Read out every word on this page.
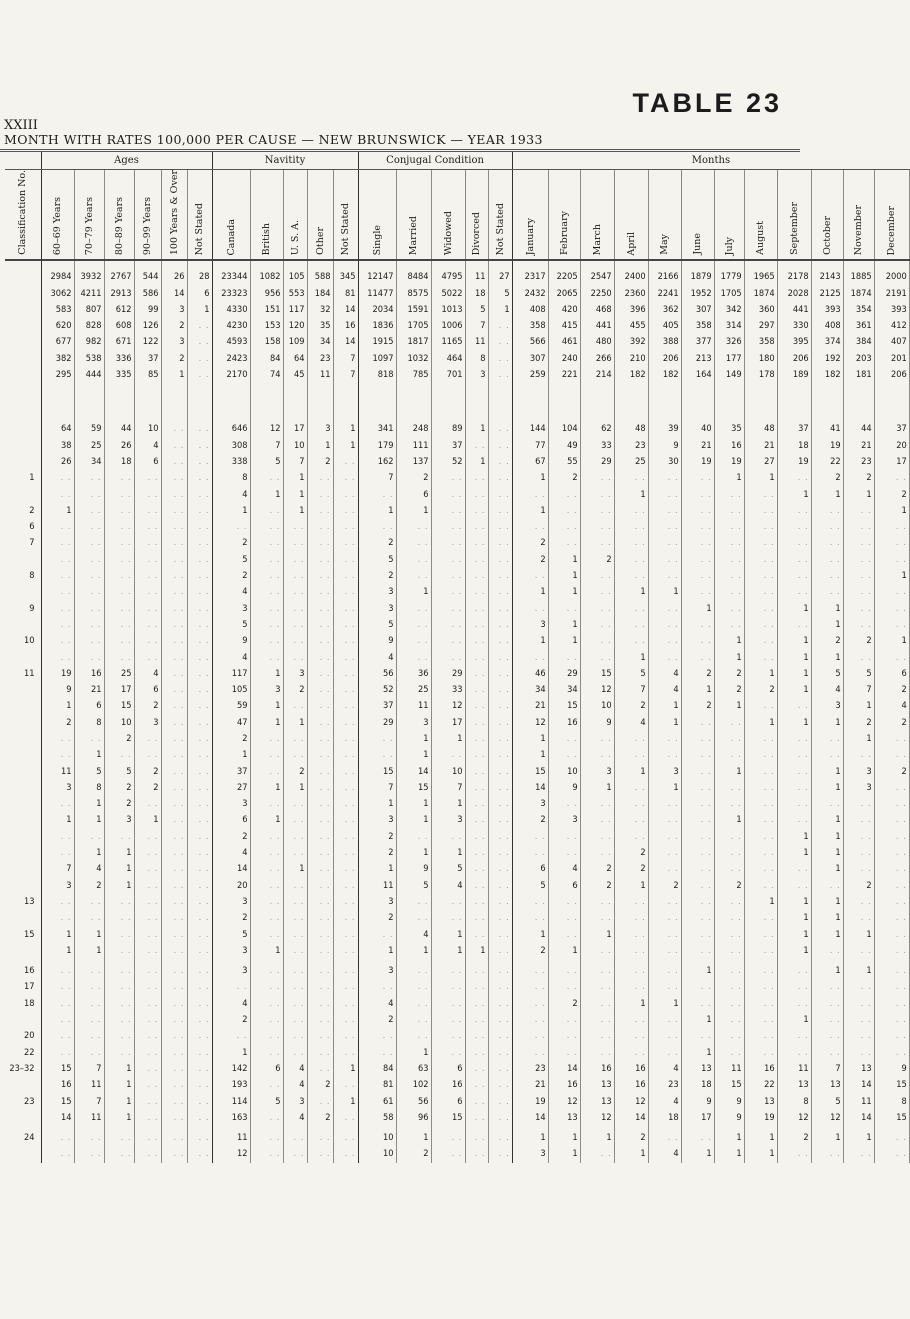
TABLE 23
XXIII
MONTH WITH RATES 100,000 PER CAUSE — NEW BRUNSWICK — YEAR 1933
	Ages						Navitity					Conjugal Condition					Months											
Classification No.	60–69 Years	70–79 Years	80–89 Years	90–99 Years	100 Years & Over	Not Stated	Canada	British	U. S. A.	Other	Not Stated	Single	Married	Widowed	Divorced	Not Stated	January	February	March	April	May	June	July	August	September	October	November	December

	2984	3932	2767	544	26	28	23344	1082	105	588	345	12147	8484	4795	11	27	2317	2205	2547	2400	2166	1879	1779	1965	2178	2143	1885	2000
	3062	4211	2913	586	14	6	23323	956	553	184	81	11477	8575	5022	18	5	2432	2065	2250	2360	2241	1952	1705	1874	2028	2125	1874	2191
	583	807	612	99	3	1	4330	151	117	32	14	2034	1591	1013	5	1	408	420	468	396	362	307	342	360	441	393	354	393
	620	828	608	126	2	. .	4230	153	120	35	16	1836	1705	1006	7	. .	358	415	441	455	405	358	314	297	330	408	361	412
	677	982	671	122	3	. .	4593	158	109	34	14	1915	1817	1165	11	. .	566	461	480	392	388	377	326	358	395	374	384	407
	382	538	336	37	2	. .	2423	84	64	23	7	1097	1032	464	8	. .	307	240	266	210	206	213	177	180	206	192	203	201
	295	444	335	85	1	. .	2170	74	45	11	7	818	785	701	3	. .	259	221	214	182	182	164	149	178	189	182	181	206

	64	59	44	10	. .	. .	646	12	17	3	1	341	248	89	1	. .	144	104	62	48	39	40	35	48	37	41	44	37
	38	25	26	4	. .	. .	308	7	10	1	1	179	111	37	. .	. .	77	49	33	23	9	21	16	21	18	19	21	20
	26	34	18	6	. .	. .	338	5	7	2	. .	162	137	52	1	. .	67	55	29	25	30	19	19	27	19	22	23	17
1	. .	. .	. .	. .	. .	. .	8	. .	1	. .	. .	7	2	. .	. .	. .	1	2	. .	. .	. .	. .	1	1	. .	2	2	. .
	. .	. .	. .	. .	. .	. .	4	1	1	. .	. .	. .	6	. .	. .	. .	. .	. .	. .	1	. .	. .	. .	. .	1	1	1	2
2	1	. .	. .	. .	. .	. .	1	. .	1	. .	. .	1	1	. .	. .	. .	1	. .	. .	. .	. .	. .	. .	. .	. .	. .	. .	1
6	. .	. .	. .	. .	. .	. .	. .	. .	. .	. .	. .	. .	. .	. .	. .	. .	. .	. .	. .	. .	. .	. .	. .	. .	. .	. .	. .	. .
7	. .	. .	. .	. .	. .	. .	2	. .	. .	. .	. .	2	. .	. .	. .	. .	2	. .	. .	. .	. .	. .	. .	. .	. .	. .	. .	. .
	. .	. .	. .	. .	. .	. .	5	. .	. .	. .	. .	5	. .	. .	. .	. .	2	1	2	. .	. .	. .	. .	. .	. .	. .	. .	. .
8	. .	. .	. .	. .	. .	. .	2	. .	. .	. .	. .	2	. .	. .	. .	. .	. .	1	. .	. .	. .	. .	. .	. .	. .	. .	. .	1
	. .	. .	. .	. .	. .	. .	4	. .	. .	. .	. .	3	1	. .	. .	. .	1	1	. .	1	1	. .	. .	. .	. .	. .	. .	. .
9	. .	. .	. .	. .	. .	. .	3	. .	. .	. .	. .	3	. .	. .	. .	. .	. .	. .	. .	. .	. .	1	. .	. .	1	1	. .	. .
	. .	. .	. .	. .	. .	. .	5	. .	. .	. .	. .	5	. .	. .	. .	. .	3	1	. .	. .	. .	. .	. .	. .	. .	1	. .	. .
10	. .	. .	. .	. .	. .	. .	9	. .	. .	. .	. .	9	. .	. .	. .	. .	1	1	. .	. .	. .	. .	1	. .	1	2	2	1
	. .	. .	. .	. .	. .	. .	4	. .	. .	. .	. .	4	. .	. .	. .	. .	. .	. .	. .	1	. .	. .	1	. .	1	1	. .	. .
11	19	16	25	4	. .	. .	117	1	3	. .	. .	56	36	29	. .	. .	46	29	15	5	4	2	2	1	1	5	5	6
	9	21	17	6	. .	. .	105	3	2	. .	. .	52	25	33	. .	. .	34	34	12	7	4	1	2	2	1	4	7	2
	1	6	15	2	. .	. .	59	1	. .	. .	. .	37	11	12	. .	. .	21	15	10	2	1	2	1	. .	. .	3	1	4
	2	8	10	3	. .	. .	47	1	1	. .	. .	29	3	17	. .	. .	12	16	9	4	1	. .	. .	1	1	1	2	2
	. .	. .	2	. .	. .	. .	2	. .	. .	. .	. .	. .	1	1	. .	. .	1	. .	. .	. .	. .	. .	. .	. .	. .	. .	1	. .
	. .	1	. .	. .	. .	. .	1	. .	. .	. .	. .	. .	1	. .	. .	. .	1	. .	. .	. .	. .	. .	. .	. .	. .	. .	. .	. .
	11	5	5	2	. .	. .	37	. .	2	. .	. .	15	14	10	. .	. .	15	10	3	1	3	. .	1	. .	. .	1	3	2
	3	8	2	2	. .	. .	27	1	1	. .	. .	7	15	7	. .	. .	14	9	1	. .	1	. .	. .	. .	. .	1	3	. .
	. .	1	2	. .	. .	. .	3	. .	. .	. .	. .	1	1	1	. .	. .	3	. .	. .	. .	. .	. .	. .	. .	. .	. .	. .	. .
	1	1	3	1	. .	. .	6	1	. .	. .	. .	3	1	3	. .	. .	2	3	. .	. .	. .	. .	1	. .	. .	1	. .	. .
	. .	. .	. .	. .	. .	. .	2	. .	. .	. .	. .	2	. .	. .	. .	. .	. .	. .	. .	. .	. .	. .	. .	. .	1	1	. .	. .
	. .	1	1	. .	. .	. .	4	. .	. .	. .	. .	2	1	1	. .	. .	. .	. .	. .	2	. .	. .	. .	. .	1	1	. .	. .
	7	4	1	. .	. .	. .	14	. .	1	. .	. .	1	9	5	. .	. .	6	4	2	2	. .	. .	. .	. .	. .	1	. .	. .
	3	2	1	. .	. .	. .	20	. .	. .	. .	. .	11	5	4	. .	. .	5	6	2	1	2	. .	2	. .	. .	. .	2	. .
13	. .	. .	. .	. .	. .	. .	3	. .	. .	. .	. .	3	. .	. .	. .	. .	. .	. .	. .	. .	. .	. .	. .	1	1	1	. .	. .
	. .	. .	. .	. .	. .	. .	2	. .	. .	. .	. .	2	. .	. .	. .	. .	. .	. .	. .	. .	. .	. .	. .	. .	1	1	. .	. .
15	1	1	. .	. .	. .	. .	5	. .	. .	. .	. .	. .	4	1	. .	. .	1	. .	1	. .	. .	. .	. .	. .	1	1	1	. .
	1	1	. .	. .	. .	. .	3	1	. .	. .	. .	1	1	1	1	. .	2	1	. .	. .	. .	. .	. .	. .	1	. .	. .	. .

16	. .	. .	. .	. .	. .	. .	3	. .	. .	. .	. .	3	. .	. .	. .	. .	. .	. .	. .	. .	. .	1	. .	. .	. .	1	1	. .
17	. .	. .	. .	. .	. .	. .	. .	. .	. .	. .	. .	. .	. .	. .	. .	. .	. .	. .	. .	. .	. .	. .	. .	. .	. .	. .	. .	. .
18	. .	. .	. .	. .	. .	. .	4	. .	. .	. .	. .	4	. .	. .	. .	. .	. .	2	. .	1	1	. .	. .	. .	. .	. .	. .	. .
	. .	. .	. .	. .	. .	. .	2	. .	. .	. .	. .	2	. .	. .	. .	. .	. .	. .	. .	. .	. .	1	. .	. .	1	. .	. .	. .
20	. .	. .	. .	. .	. .	. .	. .	. .	. .	. .	. .	. .	. .	. .	. .	. .	. .	. .	. .	. .	. .	. .	. .	. .	. .	. .	. .	. .
22	. .	. .	. .	. .	. .	. .	1	. .	. .	. .	. .	. .	1	. .	. .	. .	. .	. .	. .	. .	. .	1	. .	. .	. .	. .	. .	. .
23–32	15	7	1	. .	. .	. .	142	6	4	. .	1	84	63	6	. .	. .	23	14	16	16	4	13	11	16	11	7	13	9
	16	11	1	. .	. .	. .	193	. .	4	2	. .	81	102	16	. .	. .	21	16	13	16	23	18	15	22	13	13	14	15
23	15	7	1	. .	. .	. .	114	5	3	. .	1	61	56	6	. .	. .	19	12	13	12	4	9	9	13	8	5	11	8
	14	11	1	. .	. .	. .	163	. .	4	2	. .	58	96	15	. .	. .	14	13	12	14	18	17	9	19	12	12	14	15

24	. .	. .	. .	. .	. .	. .	11	. .	. .	. .	. .	10	1	. .	. .	. .	1	1	1	2	. .	. .	1	1	2	1	1	. .
	. .	. .	. .	. .	. .	. .	12	. .	. .	. .	. .	10	2	. .	. .	. .	3	1	. .	1	4	1	1	1	. .	. .	. .	. .
